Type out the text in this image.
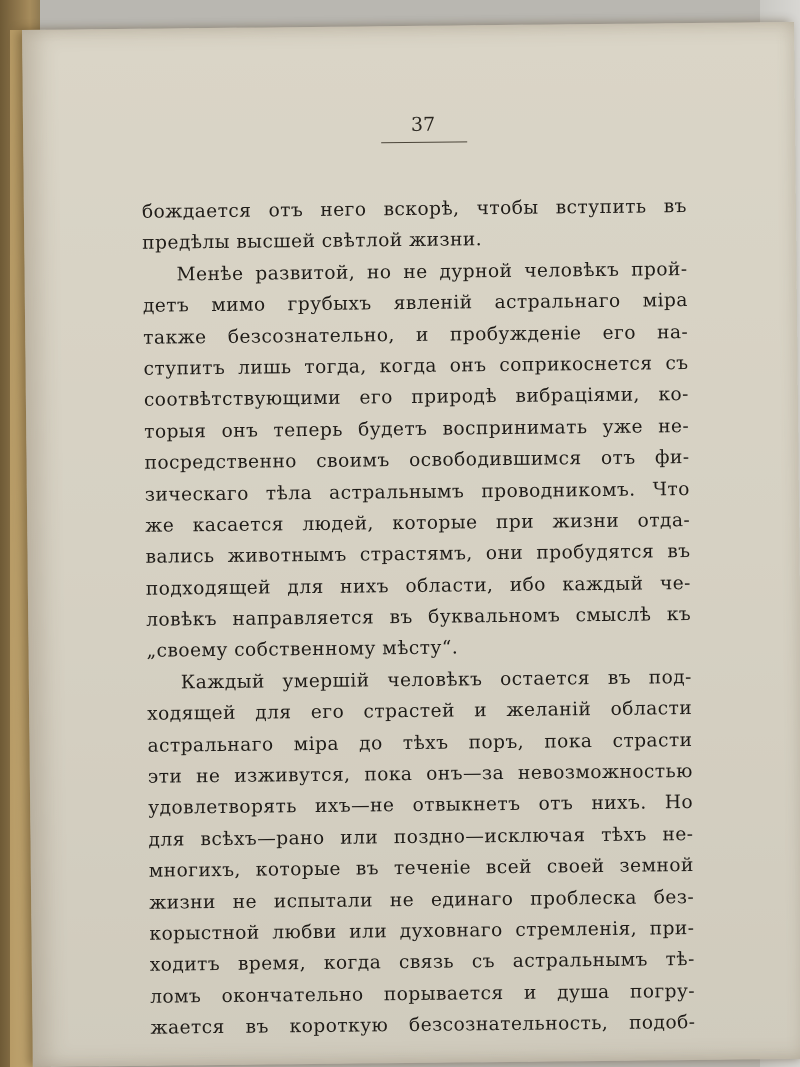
37
бождается отъ него вскорѣ, чтобы вступить въ
предѣлы высшей свѣтлой жизни.
Менѣе развитой, но не дурной человѣкъ прой-
детъ мимо грубыхъ явленій астральнаго міра
также безсознательно, и пробужденіе его на-
ступитъ лишь тогда, когда онъ соприкоснется съ
соотвѣтствующими его природѣ вибраціями, ко-
торыя онъ теперь будетъ воспринимать уже не-
посредственно своимъ освободившимся отъ фи-
зическаго тѣла астральнымъ проводникомъ. Что
же касается людей, которые при жизни отда-
вались животнымъ страстямъ, они пробудятся въ
подходящей для нихъ области, ибо каждый че-
ловѣкъ направляется въ буквальномъ смыслѣ къ
„своему собственному мѣсту“.
Каждый умершій человѣкъ остается въ под-
ходящей для его страстей и желаній области
астральнаго міра до тѣхъ поръ, пока страсти
эти не изживутся, пока онъ—за невозможностью
удовлетворять ихъ—не отвыкнетъ отъ нихъ. Но
для всѣхъ—рано или поздно—исключая тѣхъ не-
многихъ, которые въ теченіе всей своей земной
жизни не испытали не единаго проблеска без-
корыстной любви или духовнаго стремленія, при-
ходитъ время, когда связь съ астральнымъ тѣ-
ломъ окончательно порывается и душа погру-
жается въ короткую безсознательность, подоб-
